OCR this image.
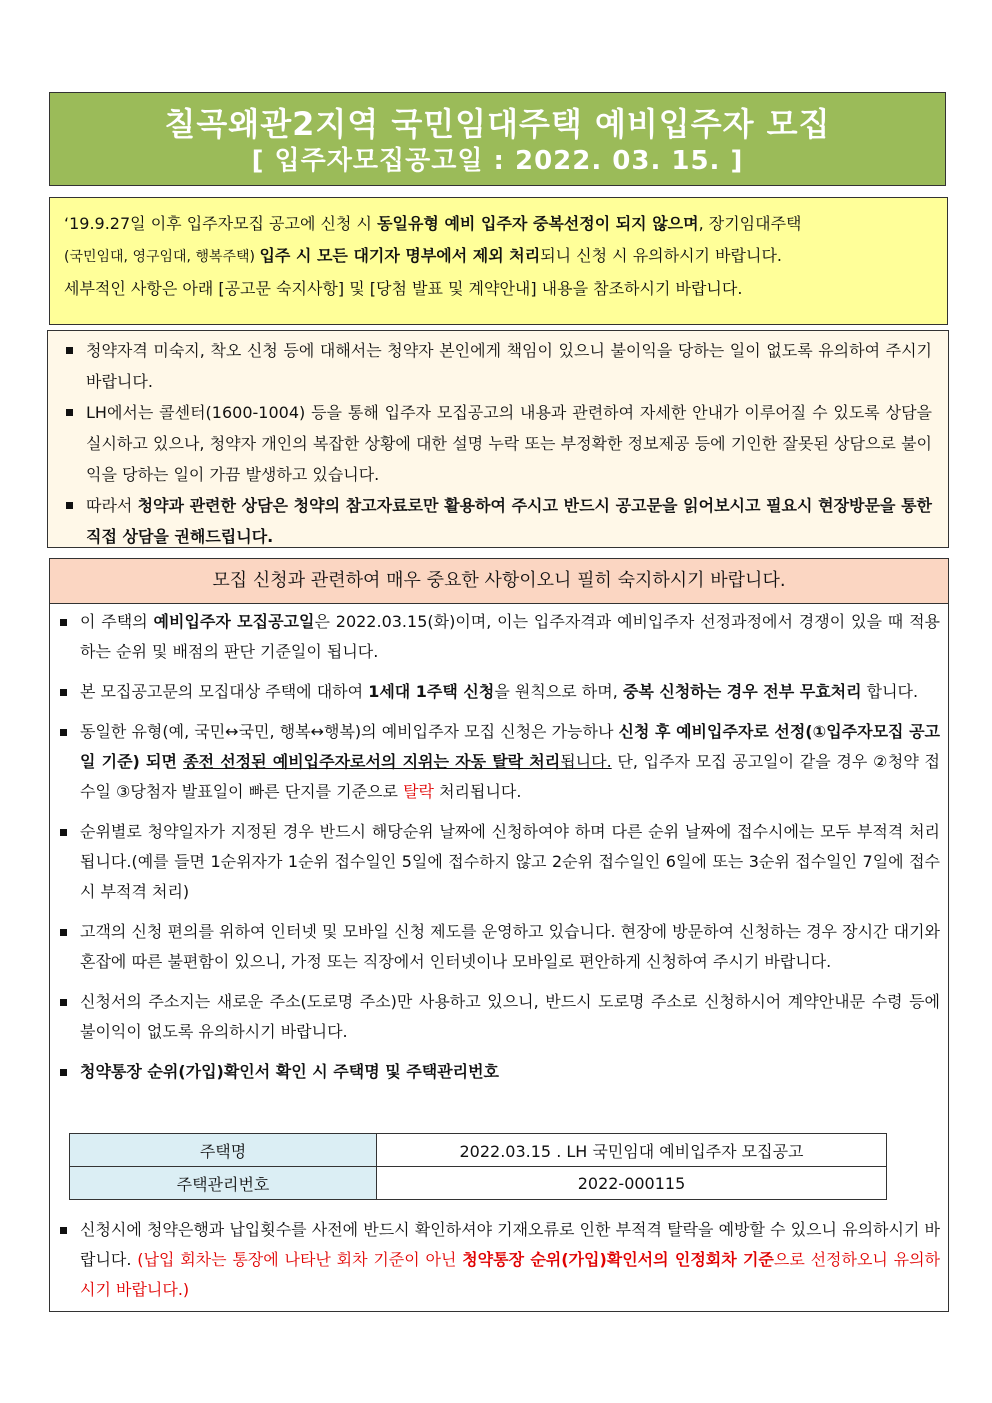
칠곡왜관2지역 국민임대주택 예비입주자 모집
[ 입주자모집공고일 : 2022. 03. 15. ]

‘19.9.27일 이후 입주자모집 공고에 신청 시 동일유형 예비 입주자 중복선정이 되지 않으며, 장기임대주택

(국민임대, 영구임대, 행복주택) 입주 시 모든 대기자 명부에서 제외 처리되니 신청 시 유의하시기 바랍니다.

세부적인 사항은 아래 [공고문 숙지사항] 및 [당첨 발표 및 계약안내] 내용을 참조하시기 바랍니다.

청약자격 미숙지, 착오 신청 등에 대해서는 청약자 본인에게 책임이 있으니 불이익을 당하는 일이 없도록 유의하여 주시기 바랍니다.
LH에서는 콜센터(1600-1004) 등을 통해 입주자 모집공고의 내용과 관련하여 자세한 안내가 이루어질 수 있도록 상담을 실시하고 있으나, 청약자 개인의 복잡한 상황에 대한 설명 누락 또는 부정확한 정보제공 등에 기인한 잘못된 상담으로 불이익을 당하는 일이 가끔 발생하고 있습니다.
따라서 청약과 관련한 상담은 청약의 참고자료로만 활용하여 주시고 반드시 공고문을 읽어보시고 필요시 현장방문을 통한 직접 상담을 권해드립니다.
모집 신청과 관련하여 매우 중요한 사항이오니 필히 숙지하시기 바랍니다.
이 주택의 예비입주자 모집공고일은 2022.03.15(화)이며, 이는 입주자격과 예비입주자 선정과정에서 경쟁이 있을 때 적용하는 순위 및 배점의 판단 기준일이 됩니다.
본 모집공고문의 모집대상 주택에 대하여 1세대 1주택 신청을 원칙으로 하며, 중복 신청하는 경우 전부 무효처리 합니다.
동일한 유형(예, 국민↔국민, 행복↔행복)의 예비입주자 모집 신청은 가능하나 신청 후 예비입주자로 선정(①입주자모집 공고일 기준) 되면 종전 선정된 예비입주자로서의 지위는 자동 탈락 처리됩니다. 단, 입주자 모집 공고일이 같을 경우 ②청약 접수일 ③당첨자 발표일이 빠른 단지를 기준으로 탈락 처리됩니다.
순위별로 청약일자가 지정된 경우 반드시 해당순위 날짜에 신청하여야 하며 다른 순위 날짜에 접수시에는 모두 부적격 처리됩니다.(예를 들면 1순위자가 1순위 접수일인 5일에 접수하지 않고 2순위 접수일인 6일에 또는 3순위 접수일인 7일에 접수시 부적격 처리)
고객의 신청 편의를 위하여 인터넷 및 모바일 신청 제도를 운영하고 있습니다. 현장에 방문하여 신청하는 경우 장시간 대기와 혼잡에 따른 불편함이 있으니, 가정 또는 직장에서 인터넷이나 모바일로 편안하게 신청하여 주시기 바랍니다.
신청서의 주소지는 새로운 주소(도로명 주소)만 사용하고 있으니, 반드시 도로명 주소로 신청하시어 계약안내문 수령 등에 불이익이 없도록 유의하시기 바랍니다.
청약통장 순위(가입)확인서 확인 시 주택명 및 주택관리번호
주택명	2022.03.15 . LH 국민임대 예비입주자 모집공고
주택관리번호	2022-000115
신청시에 청약은행과 납입횟수를 사전에 반드시 확인하셔야 기재오류로 인한 부적격 탈락을 예방할 수 있으니 유의하시기 바랍니다. (납입 회차는 통장에 나타난 회차 기준이 아닌 청약통장 순위(가입)확인서의 인정회차 기준으로 선정하오니 유의하시기 바랍니다.)
